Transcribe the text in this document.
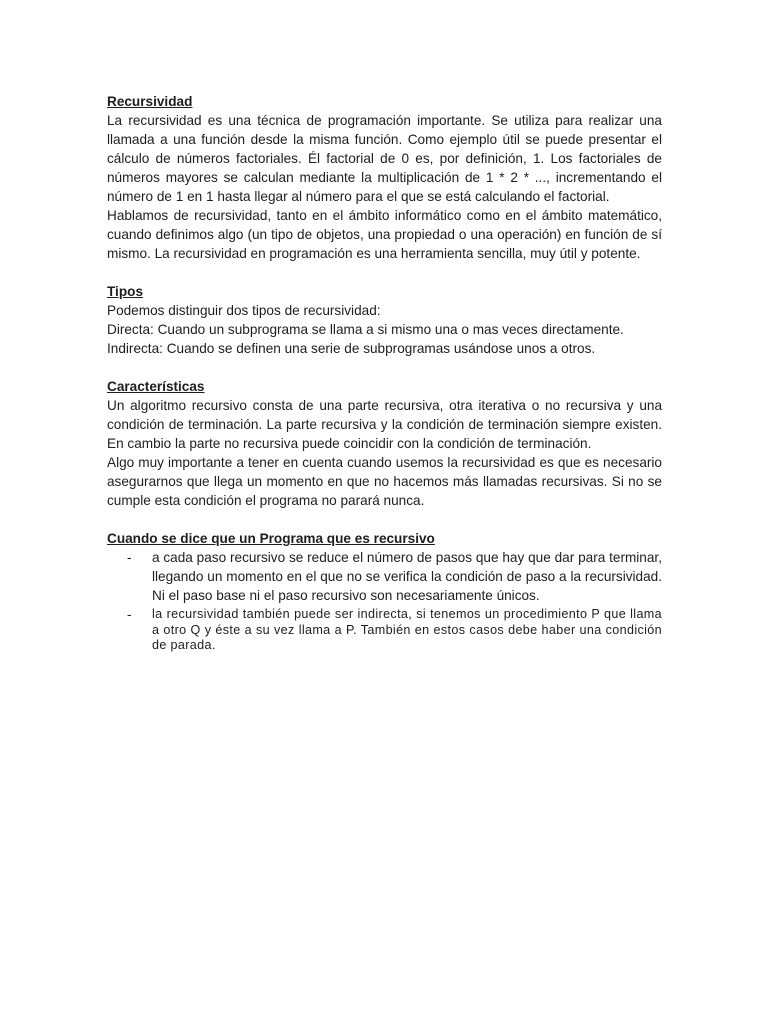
Recursividad

La recursividad es una técnica de programación importante. Se utiliza para realizar una llamada a una función desde la misma función. Como ejemplo útil se puede presentar el cálculo de números factoriales. Él factorial de 0 es, por definición, 1. Los factoriales de números mayores se calculan mediante la multiplicación de 1 * 2 * ..., incrementando el número de 1 en 1 hasta llegar al número para el que se está calculando el factorial.

Hablamos de recursividad, tanto en el ámbito informático como en el ámbito matemático, cuando definimos algo (un tipo de objetos, una propiedad o una operación) en función de sí mismo. La recursividad en programación es una herramienta sencilla, muy útil y potente.

Tipos

Podemos distinguir dos tipos de recursividad:

Directa: Cuando un subprograma se llama a si mismo una o mas veces directamente.

Indirecta: Cuando se definen una serie de subprogramas usándose unos a otros.

Características

Un algoritmo recursivo consta de una parte recursiva, otra iterativa o no recursiva y una condición de terminación. La parte recursiva y la condición de terminación siempre existen. En cambio la parte no recursiva puede coincidir con la condición de terminación.

Algo muy importante a tener en cuenta cuando usemos la recursividad es que es necesario asegurarnos que llega un momento en que no hacemos más llamadas recursivas. Si no se cumple esta condición el programa no parará nunca.

Cuando se dice que un Programa que es recursivo

- a cada paso recursivo se reduce el número de pasos que hay que dar para terminar, llegando un momento en el que no se verifica la condición de paso a la recursividad. Ni el paso base ni el paso recursivo son necesariamente únicos.

- la recursividad también puede ser indirecta, si tenemos un procedimiento P que llama a otro Q y éste a su vez llama a P. También en estos casos debe haber una condición de parada.
